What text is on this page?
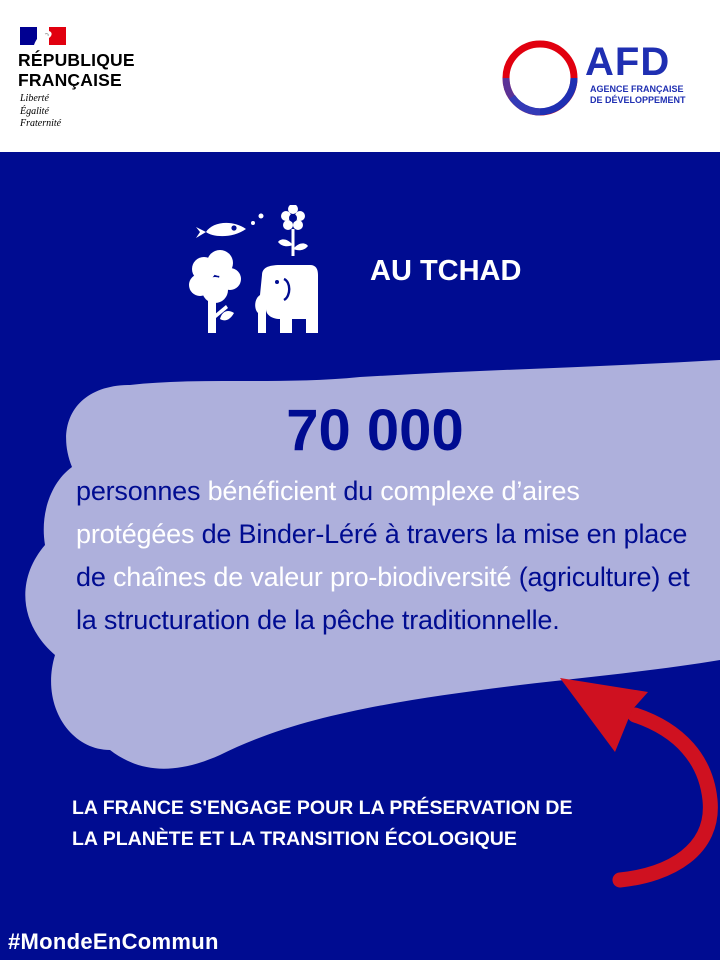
RÉPUBLIQUE
FRANÇAISE
Liberté
Égalité
Fraternité
AFD
AGENCE FRANÇAISE
DE DÉVELOPPEMENT
AU TCHAD
70 000
personnes bénéficient du complexe d’aires protégées de Binder-Léré à travers la mise en place de chaînes de valeur pro-biodiversité (agriculture) et la structuration de la pêche traditionnelle.
LA FRANCE S'ENGAGE POUR LA PRÉSERVATION DE
LA PLANÈTE ET LA TRANSITION ÉCOLOGIQUE
#MondeEnCommun
